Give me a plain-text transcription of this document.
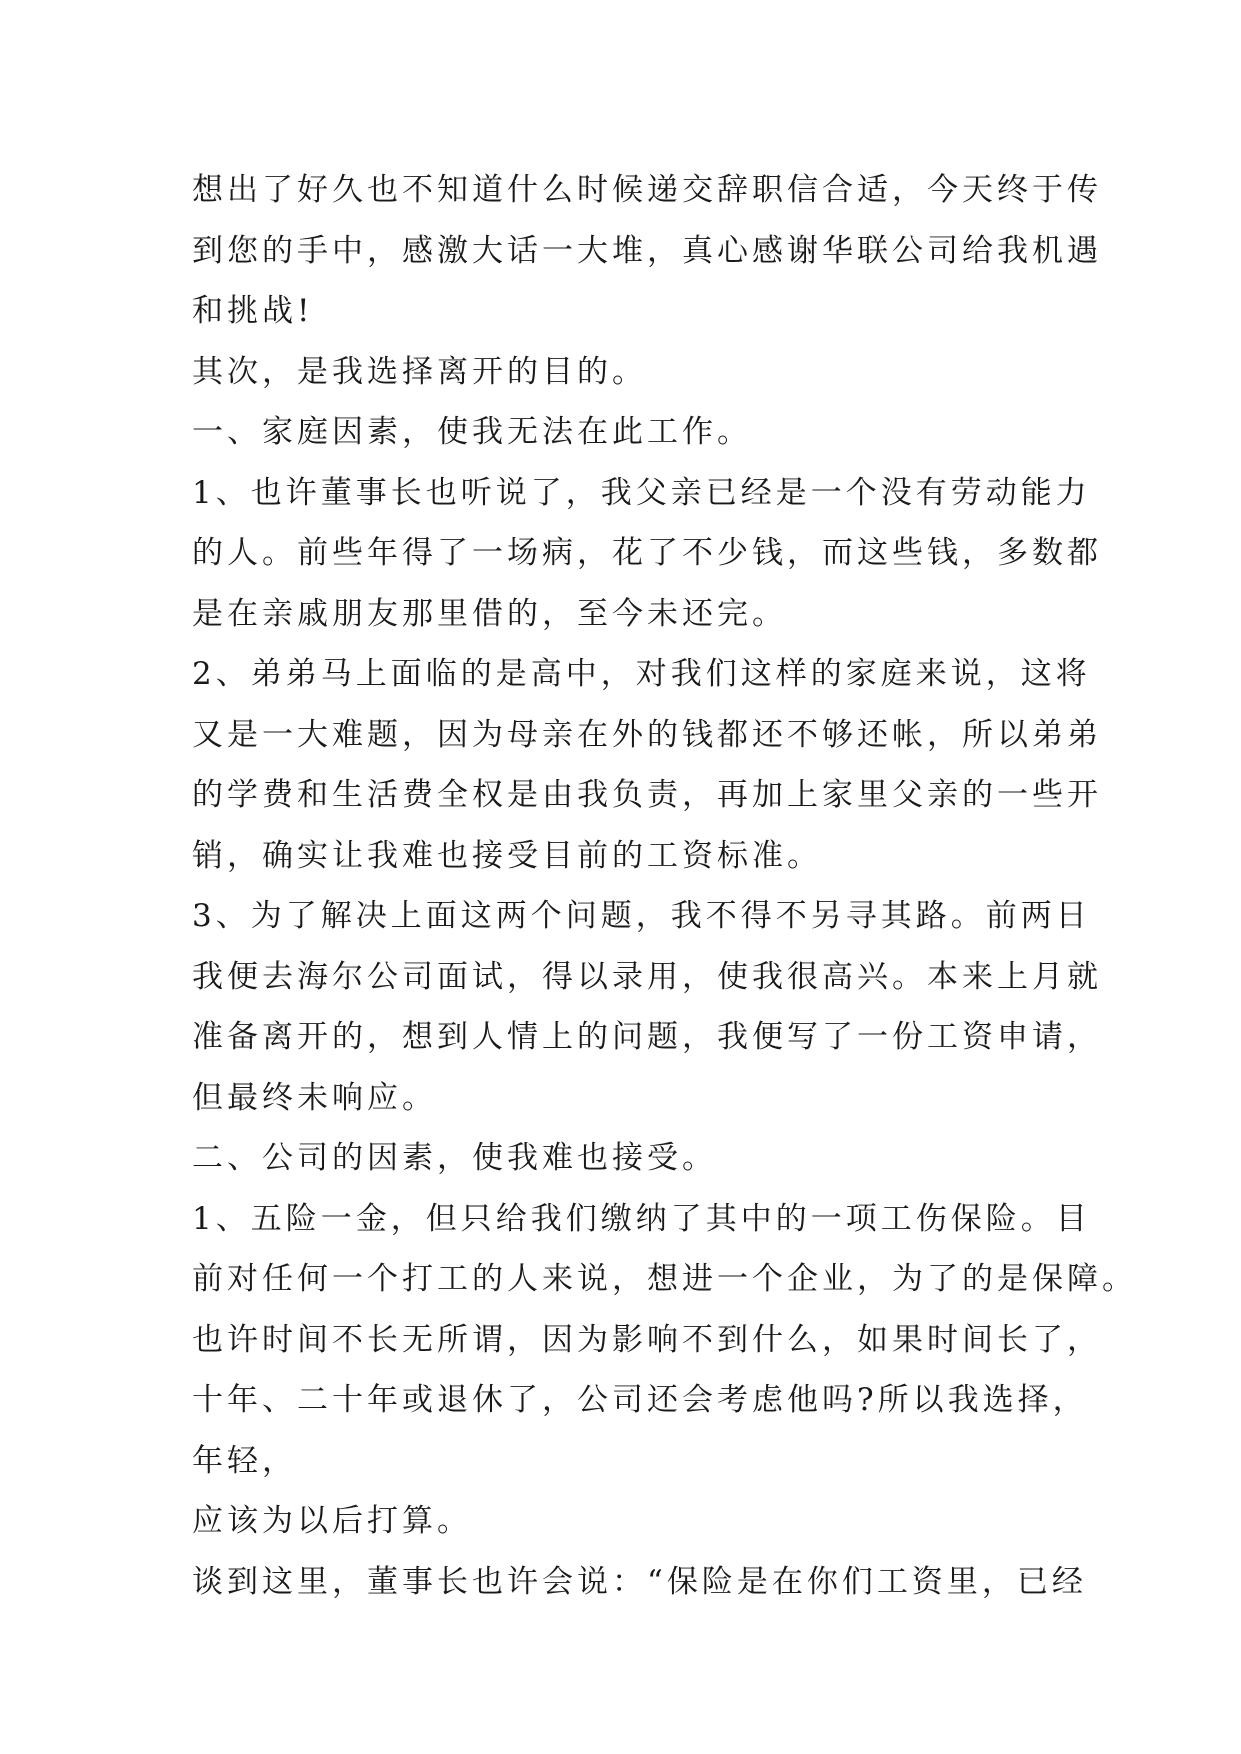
想出了好久也不知道什么时候递交辞职信合适，今天终于传
到您的手中，感激大话一大堆，真心感谢华联公司给我机遇
和挑战!
其次，是我选择离开的目的。
一、家庭因素，使我无法在此工作。
1、也许董事长也听说了，我父亲已经是一个没有劳动能力
的人。前些年得了一场病，花了不少钱，而这些钱，多数都
是在亲戚朋友那里借的，至今未还完。
2、弟弟马上面临的是高中，对我们这样的家庭来说，这将
又是一大难题，因为母亲在外的钱都还不够还帐，所以弟弟
的学费和生活费全权是由我负责，再加上家里父亲的一些开
销，确实让我难也接受目前的工资标准。
3、为了解决上面这两个问题，我不得不另寻其路。前两日
我便去海尔公司面试，得以录用，使我很高兴。本来上月就
准备离开的，想到人情上的问题，我便写了一份工资申请，
但最终未响应。
二、公司的因素，使我难也接受。
1、五险一金，但只给我们缴纳了其中的一项工伤保险。目
前对任何一个打工的人来说，想进一个企业，为了的是保障。
也许时间不长无所谓，因为影响不到什么，如果时间长了，
十年、二十年或退休了，公司还会考虑他吗?所以我选择，
年轻，
应该为以后打算。
谈到这里，董事长也许会说：“保险是在你们工资里，已经
